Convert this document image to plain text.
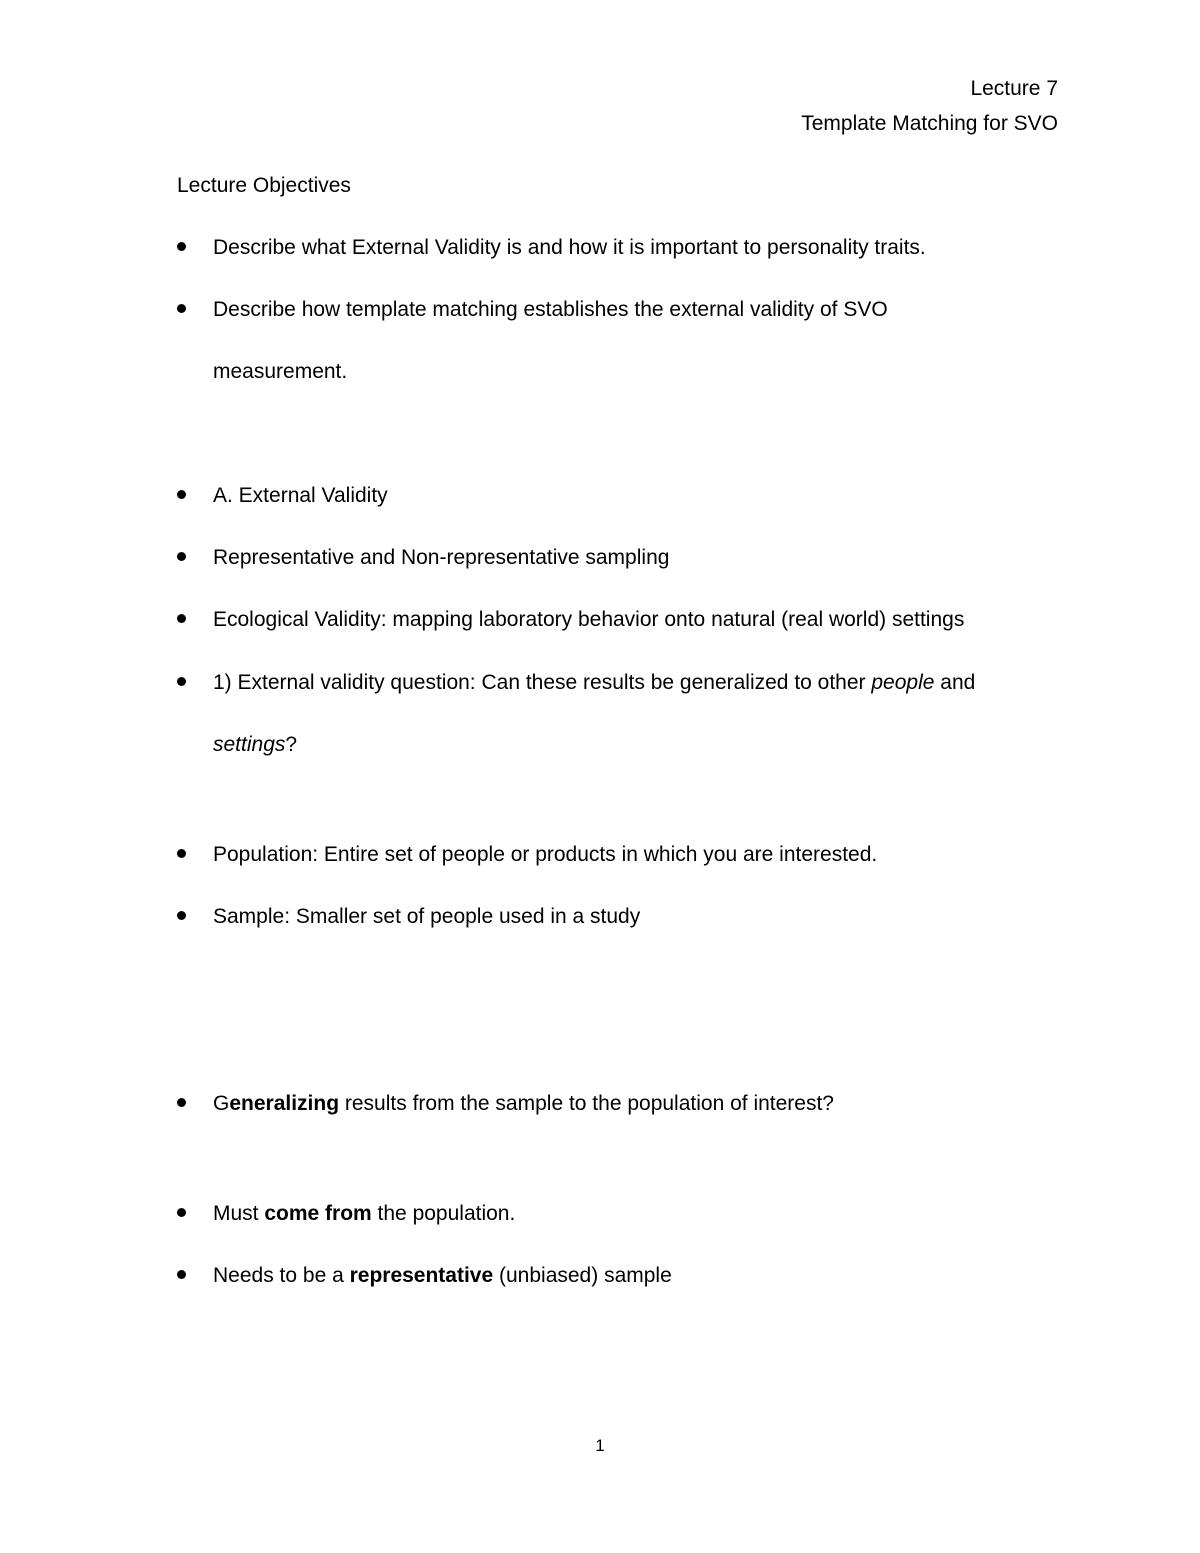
Lecture 7
Template Matching for SVO
Lecture Objectives
Describe what External Validity is and how it is important to personality traits.
Describe how template matching establishes the external validity of SVO
measurement.
A. External Validity
Representative and Non-representative sampling
Ecological Validity: mapping laboratory behavior onto natural (real world) settings
1) External validity question: Can these results be generalized to other people and
settings?
Population: Entire set of people or products in which you are interested.
Sample: Smaller set of people used in a study
Generalizing results from the sample to the population of interest?
Must come from the population.
Needs to be a representative (unbiased) sample
1
